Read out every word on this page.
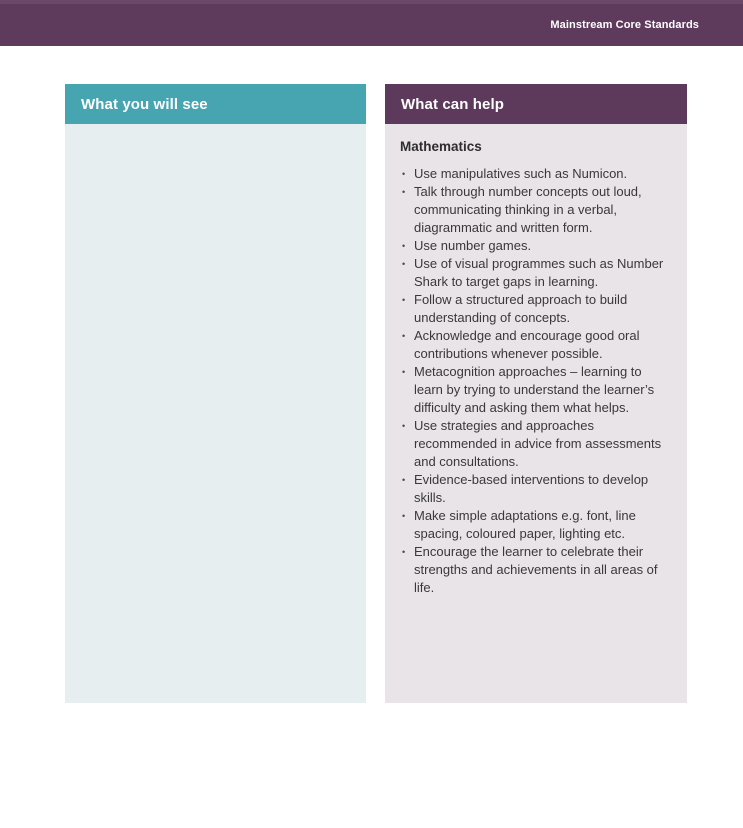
Mainstream Core Standards
What you will see	What can help
Mathematics
• Use manipulatives such as Numicon.
• Talk through number concepts out loud, communicating thinking in a verbal, diagrammatic and written form.
• Use number games.
• Use of visual programmes such as Number Shark to target gaps in learning.
• Follow a structured approach to build understanding of concepts.
• Acknowledge and encourage good oral contributions whenever possible.
• Metacognition approaches – learning to learn by trying to understand the learner’s difficulty and asking them what helps.
• Use strategies and approaches recommended in advice from assessments and consultations.
• Evidence-based interventions to develop skills.
• Make simple adaptations e.g. font, line spacing, coloured paper, lighting etc.
• Encourage the learner to celebrate their strengths and achievements in all areas of life.
